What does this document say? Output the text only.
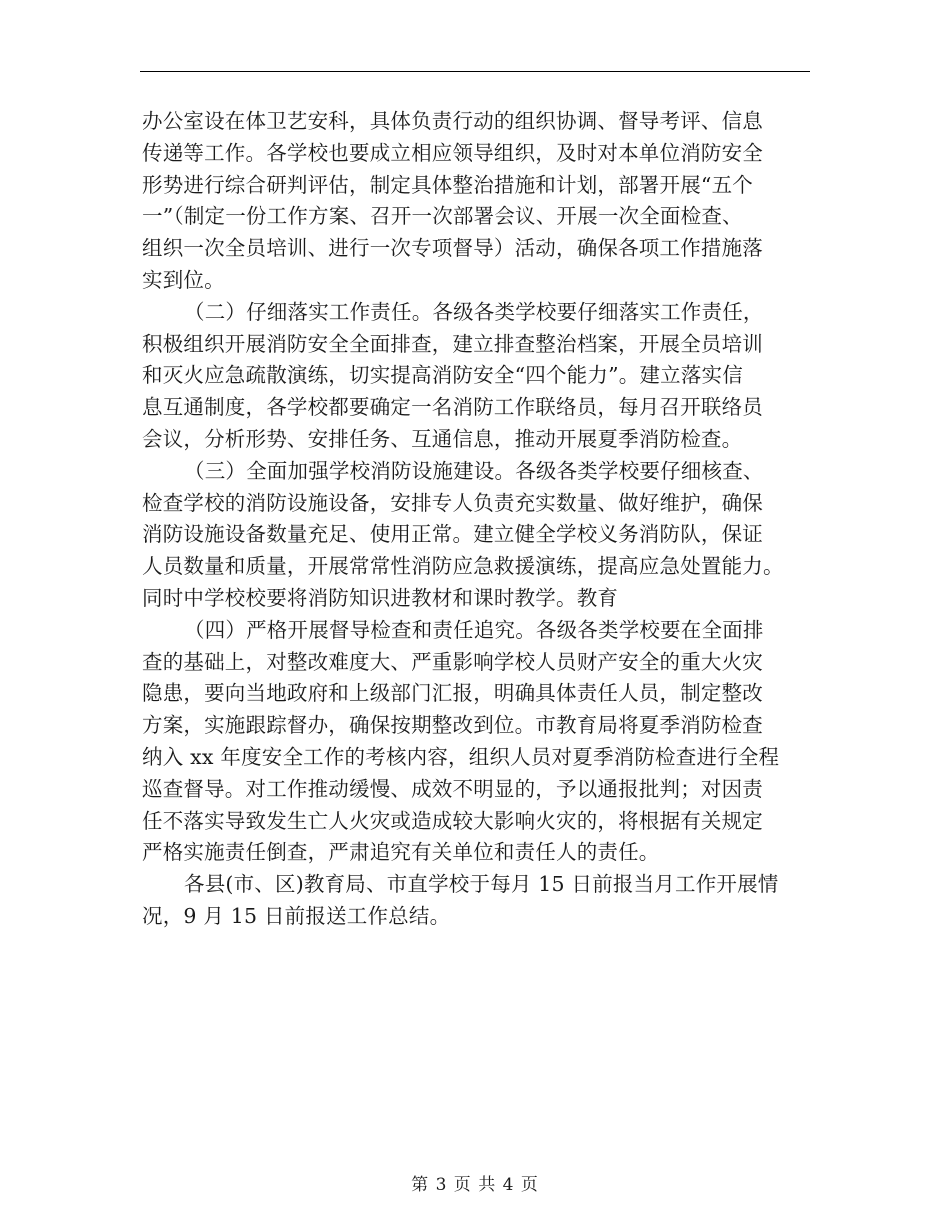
办公室设在体卫艺安科，具体负责行动的组织协调、督导考评、信息
传递等工作。各学校也要成立相应领导组织，及时对本单位消防安全
形势进行综合研判评估，制定具体整治措施和计划，部署开展“五个
一”（制定一份工作方案、召开一次部署会议、开展一次全面检查、
组织一次全员培训、进行一次专项督导）活动，确保各项工作措施落
实到位。
（二）仔细落实工作责任。各级各类学校要仔细落实工作责任，
积极组织开展消防安全全面排查，建立排查整治档案，开展全员培训
和灭火应急疏散演练，切实提高消防安全“四个能力”。建立落实信
息互通制度，各学校都要确定一名消防工作联络员，每月召开联络员
会议，分析形势、安排任务、互通信息，推动开展夏季消防检查。
（三）全面加强学校消防设施建设。各级各类学校要仔细核查、
检查学校的消防设施设备，安排专人负责充实数量、做好维护，确保
消防设施设备数量充足、使用正常。建立健全学校义务消防队，保证
人员数量和质量，开展常常性消防应急救援演练，提高应急处置能力。
同时中学校校要将消防知识进教材和课时教学。教育
（四）严格开展督导检查和责任追究。各级各类学校要在全面排
查的基础上，对整改难度大、严重影响学校人员财产安全的重大火灾
隐患，要向当地政府和上级部门汇报，明确具体责任人员，制定整改
方案，实施跟踪督办，确保按期整改到位。市教育局将夏季消防检查
纳入 xx 年度安全工作的考核内容，组织人员对夏季消防检查进行全程
巡查督导。对工作推动缓慢、成效不明显的，予以通报批判；对因责
任不落实导致发生亡人火灾或造成较大影响火灾的，将根据有关规定
严格实施责任倒查，严肃追究有关单位和责任人的责任。
各县(市、区)教育局、市直学校于每月 15 日前报当月工作开展情
况，9 月 15 日前报送工作总结。
第 3 页 共 4 页
